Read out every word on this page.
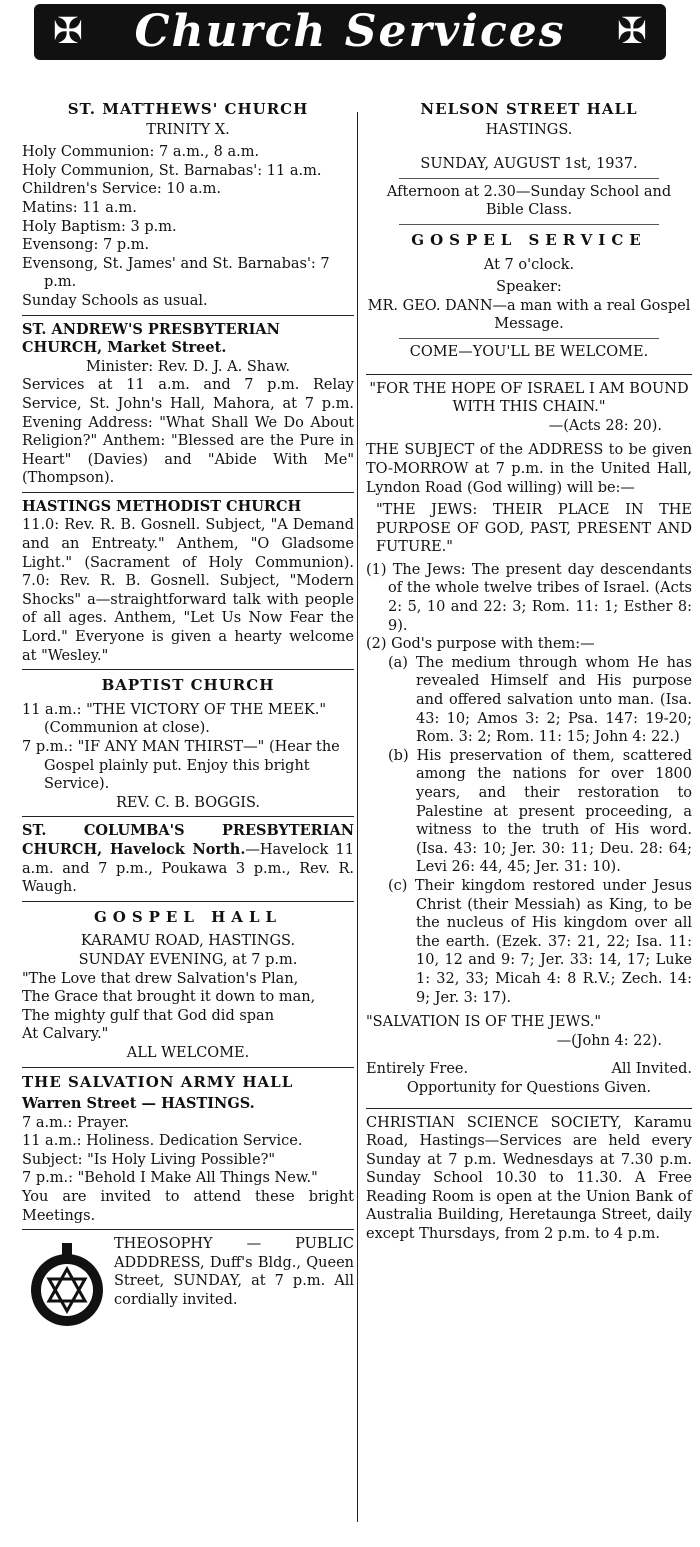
✠	Church Services	✠
ST. MATTHEWS' CHURCH
TRINITY X.

Holy Communion: 7 a.m., 8 a.m.

Holy Communion, St. Barnabas': 11 a.m.

Children's Service: 10 a.m.

Matins: 11 a.m.

Holy Baptism: 3 p.m.

Evensong: 7 p.m.

Evensong, St. James' and St. Barnabas': 7 p.m.

Sunday Schools as usual.

ST. ANDREW'S PRESBYTERIAN CHURCH, Market Street.

Minister: Rev. D. J. A. Shaw.

Services at 11 a.m. and 7 p.m. Relay Service, St. John's Hall, Mahora, at 7 p.m. Evening Address: "What Shall We Do About Religion?" Anthem: "Blessed are the Pure in Heart" (Davies) and "Abide With Me" (Thompson).

HASTINGS METHODIST CHURCH

11.0: Rev. R. B. Gosnell. Subject, "A Demand and an Entreaty." Anthem, "O Gladsome Light." (Sacrament of Holy Communion). 7.0: Rev. R. B. Gosnell. Subject, "Modern Shocks" a—straightforward talk with people of all ages. Anthem, "Let Us Now Fear the Lord." Everyone is given a hearty welcome at "Wesley."

BAPTIST CHURCH

11 a.m.: "THE VICTORY OF THE MEEK." (Communion at close).

7 p.m.: "IF ANY MAN THIRST—" (Hear the Gospel plainly put. Enjoy this bright Service).

REV. C. B. BOGGIS.

ST. COLUMBA'S PRESBYTERIAN CHURCH, Havelock North.—Havelock 11 a.m. and 7 p.m., Poukawa 3 p.m., Rev. R. Waugh.

GOSPEL HALL

KARAMU ROAD, HASTINGS.

SUNDAY EVENING, at 7 p.m.

"The Love that drew Salvation's Plan,

The Grace that brought it down to man,

The mighty gulf that God did span

At Calvary."

ALL WELCOME.

THE SALVATION ARMY HALL

Warren Street — HASTINGS.

7 a.m.: Prayer.

11 a.m.: Holiness. Dedication Service.

Subject: "Is Holy Living Possible?"

7 p.m.: "Behold I Make All Things New."

You are invited to attend these bright Meetings.

THEOSOPHY — PUBLIC ADDDRESS, Duff's Bldg., Queen Street, SUNDAY, at 7 p.m. All cordially invited.

NELSON STREET HALL

HASTINGS.

SUNDAY, AUGUST 1st, 1937.

Afternoon at 2.30—Sunday School and Bible Class.

GOSPEL SERVICE

At 7 o'clock.

Speaker:

MR. GEO. DANN—a man with a real Gospel Message.

COME—YOU'LL BE WELCOME.

"FOR THE HOPE OF ISRAEL I AM BOUND WITH THIS CHAIN."

—(Acts 28: 20).

THE SUBJECT of the ADDRESS to be given TO-MORROW at 7 p.m. in the United Hall, Lyndon Road (God willing) will be:—

"THE JEWS: THEIR PLACE IN THE PURPOSE OF GOD, PAST, PRESENT AND FUTURE."

(1) The Jews: The present day descendants of the whole twelve tribes of Israel. (Acts 2: 5, 10 and 22: 3; Rom. 11: 1; Esther 8: 9).

(2) God's purpose with them:—

(a) The medium through whom He has revealed Himself and His purpose and offered salvation unto man. (Isa. 43: 10; Amos 3: 2; Psa. 147: 19-20; Rom. 3: 2; Rom. 11: 15; John 4: 22.)

(b) His preservation of them, scattered among the nations for over 1800 years, and their restoration to Palestine at present proceeding, a witness to the truth of His word. (Isa. 43: 10; Jer. 30: 11; Deu. 28: 64; Levi 26: 44, 45; Jer. 31: 10).

(c) Their kingdom restored under Jesus Christ (their Messiah) as King, to be the nucleus of His kingdom over all the earth. (Ezek. 37: 21, 22; Isa. 11: 10, 12 and 9: 7; Jer. 33: 14, 17; Luke 1: 32, 33; Micah 4: 8 R.V.; Zech. 14: 9; Jer. 3: 17).

"SALVATION IS OF THE JEWS."

—(John 4: 22).

Entirely Free.	All Invited.

Opportunity for Questions Given.

CHRISTIAN SCIENCE SOCIETY, Karamu Road, Hastings—Services are held every Sunday at 7 p.m. Wednesdays at 7.30 p.m. Sunday School 10.30 to 11.30. A Free Reading Room is open at the Union Bank of Australia Building, Heretaunga Street, daily except Thursdays, from 2 p.m. to 4 p.m.
